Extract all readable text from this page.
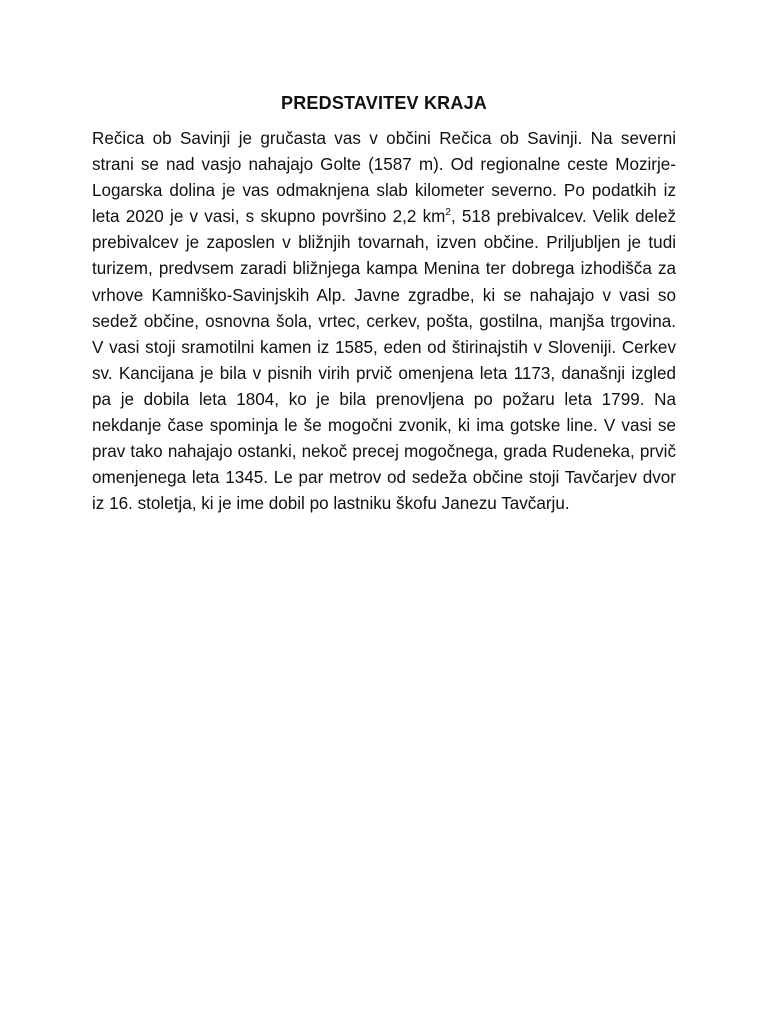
PREDSTAVITEV KRAJA

Rečica ob Savinji je gručasta vas v občini Rečica ob Savinji. Na severni strani se nad vasjo nahajajo Golte (1587 m). Od regionalne ceste Mozirje-Logarska dolina je vas odmaknjena slab kilometer severno. Po podatkih iz leta 2020 je v vasi, s skupno površino 2,2 $km^2$, 518 prebivalcev. Velik delež prebivalcev je zaposlen v bližnjih tovarnah, izven občine. Priljubljen je tudi turizem, predvsem zaradi bližnjega kampa Menina ter dobrega izhodišča za vrhove Kamniško-Savinjskih Alp. Javne zgradbe, ki se nahajajo v vasi so sedež občine, osnovna šola, vrtec, cerkev, pošta, gostilna, manjša trgovina. V vasi stoji sramotilni kamen iz 1585, eden od štirinajstih v Sloveniji. Cerkev sv. Kancijana je bila v pisnih virih prvič omenjena leta 1173, današnji izgled pa je dobila leta 1804, ko je bila prenovljena po požaru leta 1799. Na nekdanje čase spominja le še mogočni zvonik, ki ima gotske line. V vasi se prav tako nahajajo ostanki, nekoč precej mogočnega, grada Rudeneka, prvič omenjenega leta 1345. Le par metrov od sedeža občine stoji Tavčarjev dvor iz 16. stoletja, ki je ime dobil po lastniku škofu Janezu Tavčarju.
